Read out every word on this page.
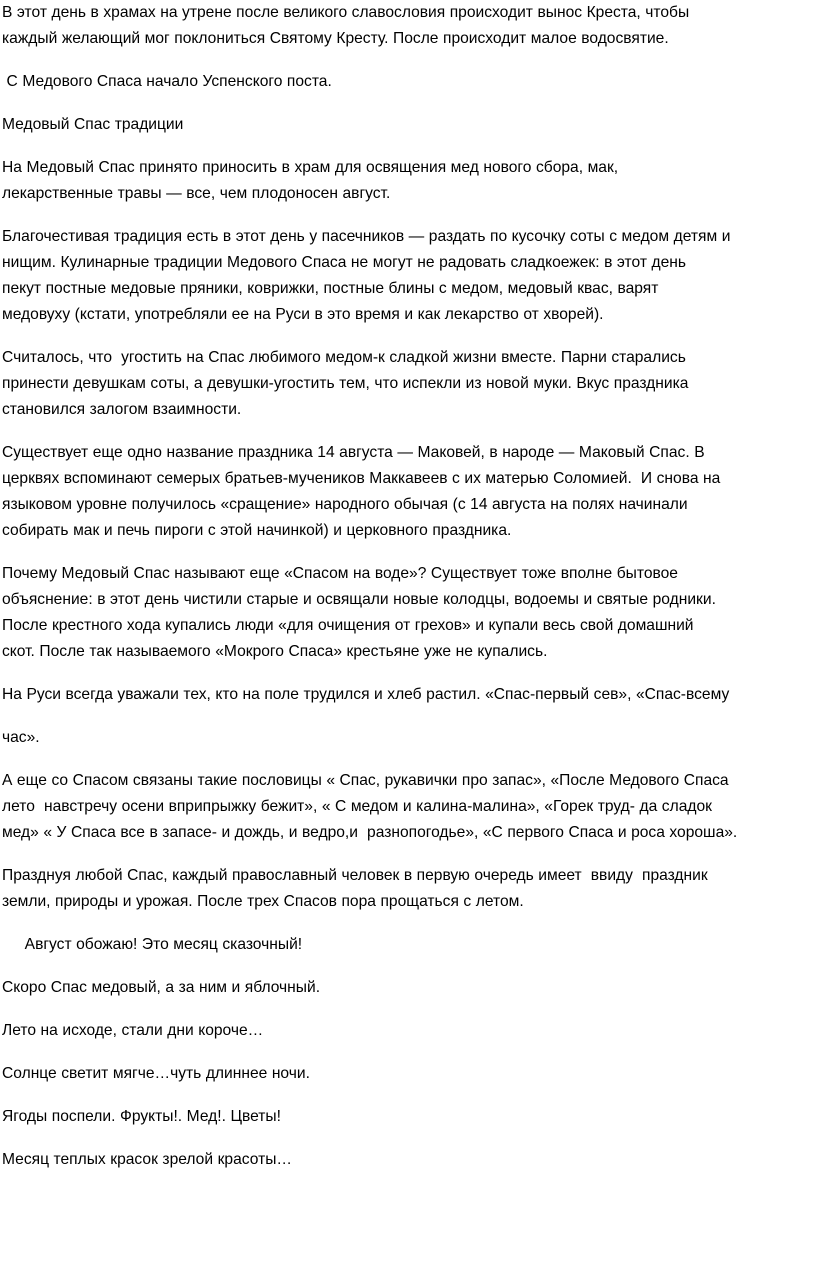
В этот день в храмах на утрене после великого славословия происходит вынос Креста, чтобы
каждый желающий мог поклониться Святому Кресту. После происходит малое водосвятие.

С Медового Спаса начало Успенского поста.

Медовый Спас традиции

На Медовый Спас принято приносить в храм для освящения мед нового сбора, мак,
лекарственные травы — все, чем плодоносен август.

Благочестивая традиция есть в этот день у пасечников — раздать по кусочку соты с медом детям и
нищим. Кулинарные традиции Медового Спаса не могут не радовать сладкоежек: в этот день
пекут постные медовые пряники, коврижки, постные блины с медом, медовый квас, варят
медовуху (кстати, употребляли ее на Руси в это время и как лекарство от хворей).

Считалось, что  угостить на Спас любимого медом-к сладкой жизни вместе. Парни старались
принести девушкам соты, а девушки-угостить тем, что испекли из новой муки. Вкус праздника
становился залогом взаимности.

Существует еще одно название праздника 14 августа — Маковей, в народе — Маковый Спас. В
церквях вспоминают семерых братьев-мучеников Маккавеев с их матерью Соломией.  И снова на
языковом уровне получилось «сращение» народного обычая (с 14 августа на полях начинали
собирать мак и печь пироги с этой начинкой) и церковного праздника.

Почему Медовый Спас называют еще «Спасом на воде»? Существует тоже вполне бытовое
объяснение: в этот день чистили старые и освящали новые колодцы, водоемы и святые родники.
После крестного хода купались люди «для очищения от грехов» и купали весь свой домашний
скот. После так называемого «Мокрого Спаса» крестьяне уже не купались.

На Руси всегда уважали тех, кто на поле трудился и хлеб растил. «Спас-первый сев», «Спас-всему

час».

А еще со Спасом связаны такие пословицы « Спас, рукавички про запас», «После Медового Спаса
лето  навстречу осени вприпрыжку бежит», « С медом и калина-малина», «Горек труд- да сладок
мед» « У Спаса все в запасе- и дождь, и ведро,и  разнопогодье», «С первого Спаса и роса хороша».

Празднуя любой Спас, каждый православный человек в первую очередь имеет  ввиду  праздник
земли, природы и урожая. После трех Спасов пора прощаться с летом.

Август обожаю! Это месяц сказочный!

Скоро Спас медовый, а за ним и яблочный.

Лето на исходе, стали дни короче…

Солнце светит мягче…чуть длиннее ночи.

Ягоды поспели. Фрукты!. Мед!. Цветы!

Месяц теплых красок зрелой красоты…
